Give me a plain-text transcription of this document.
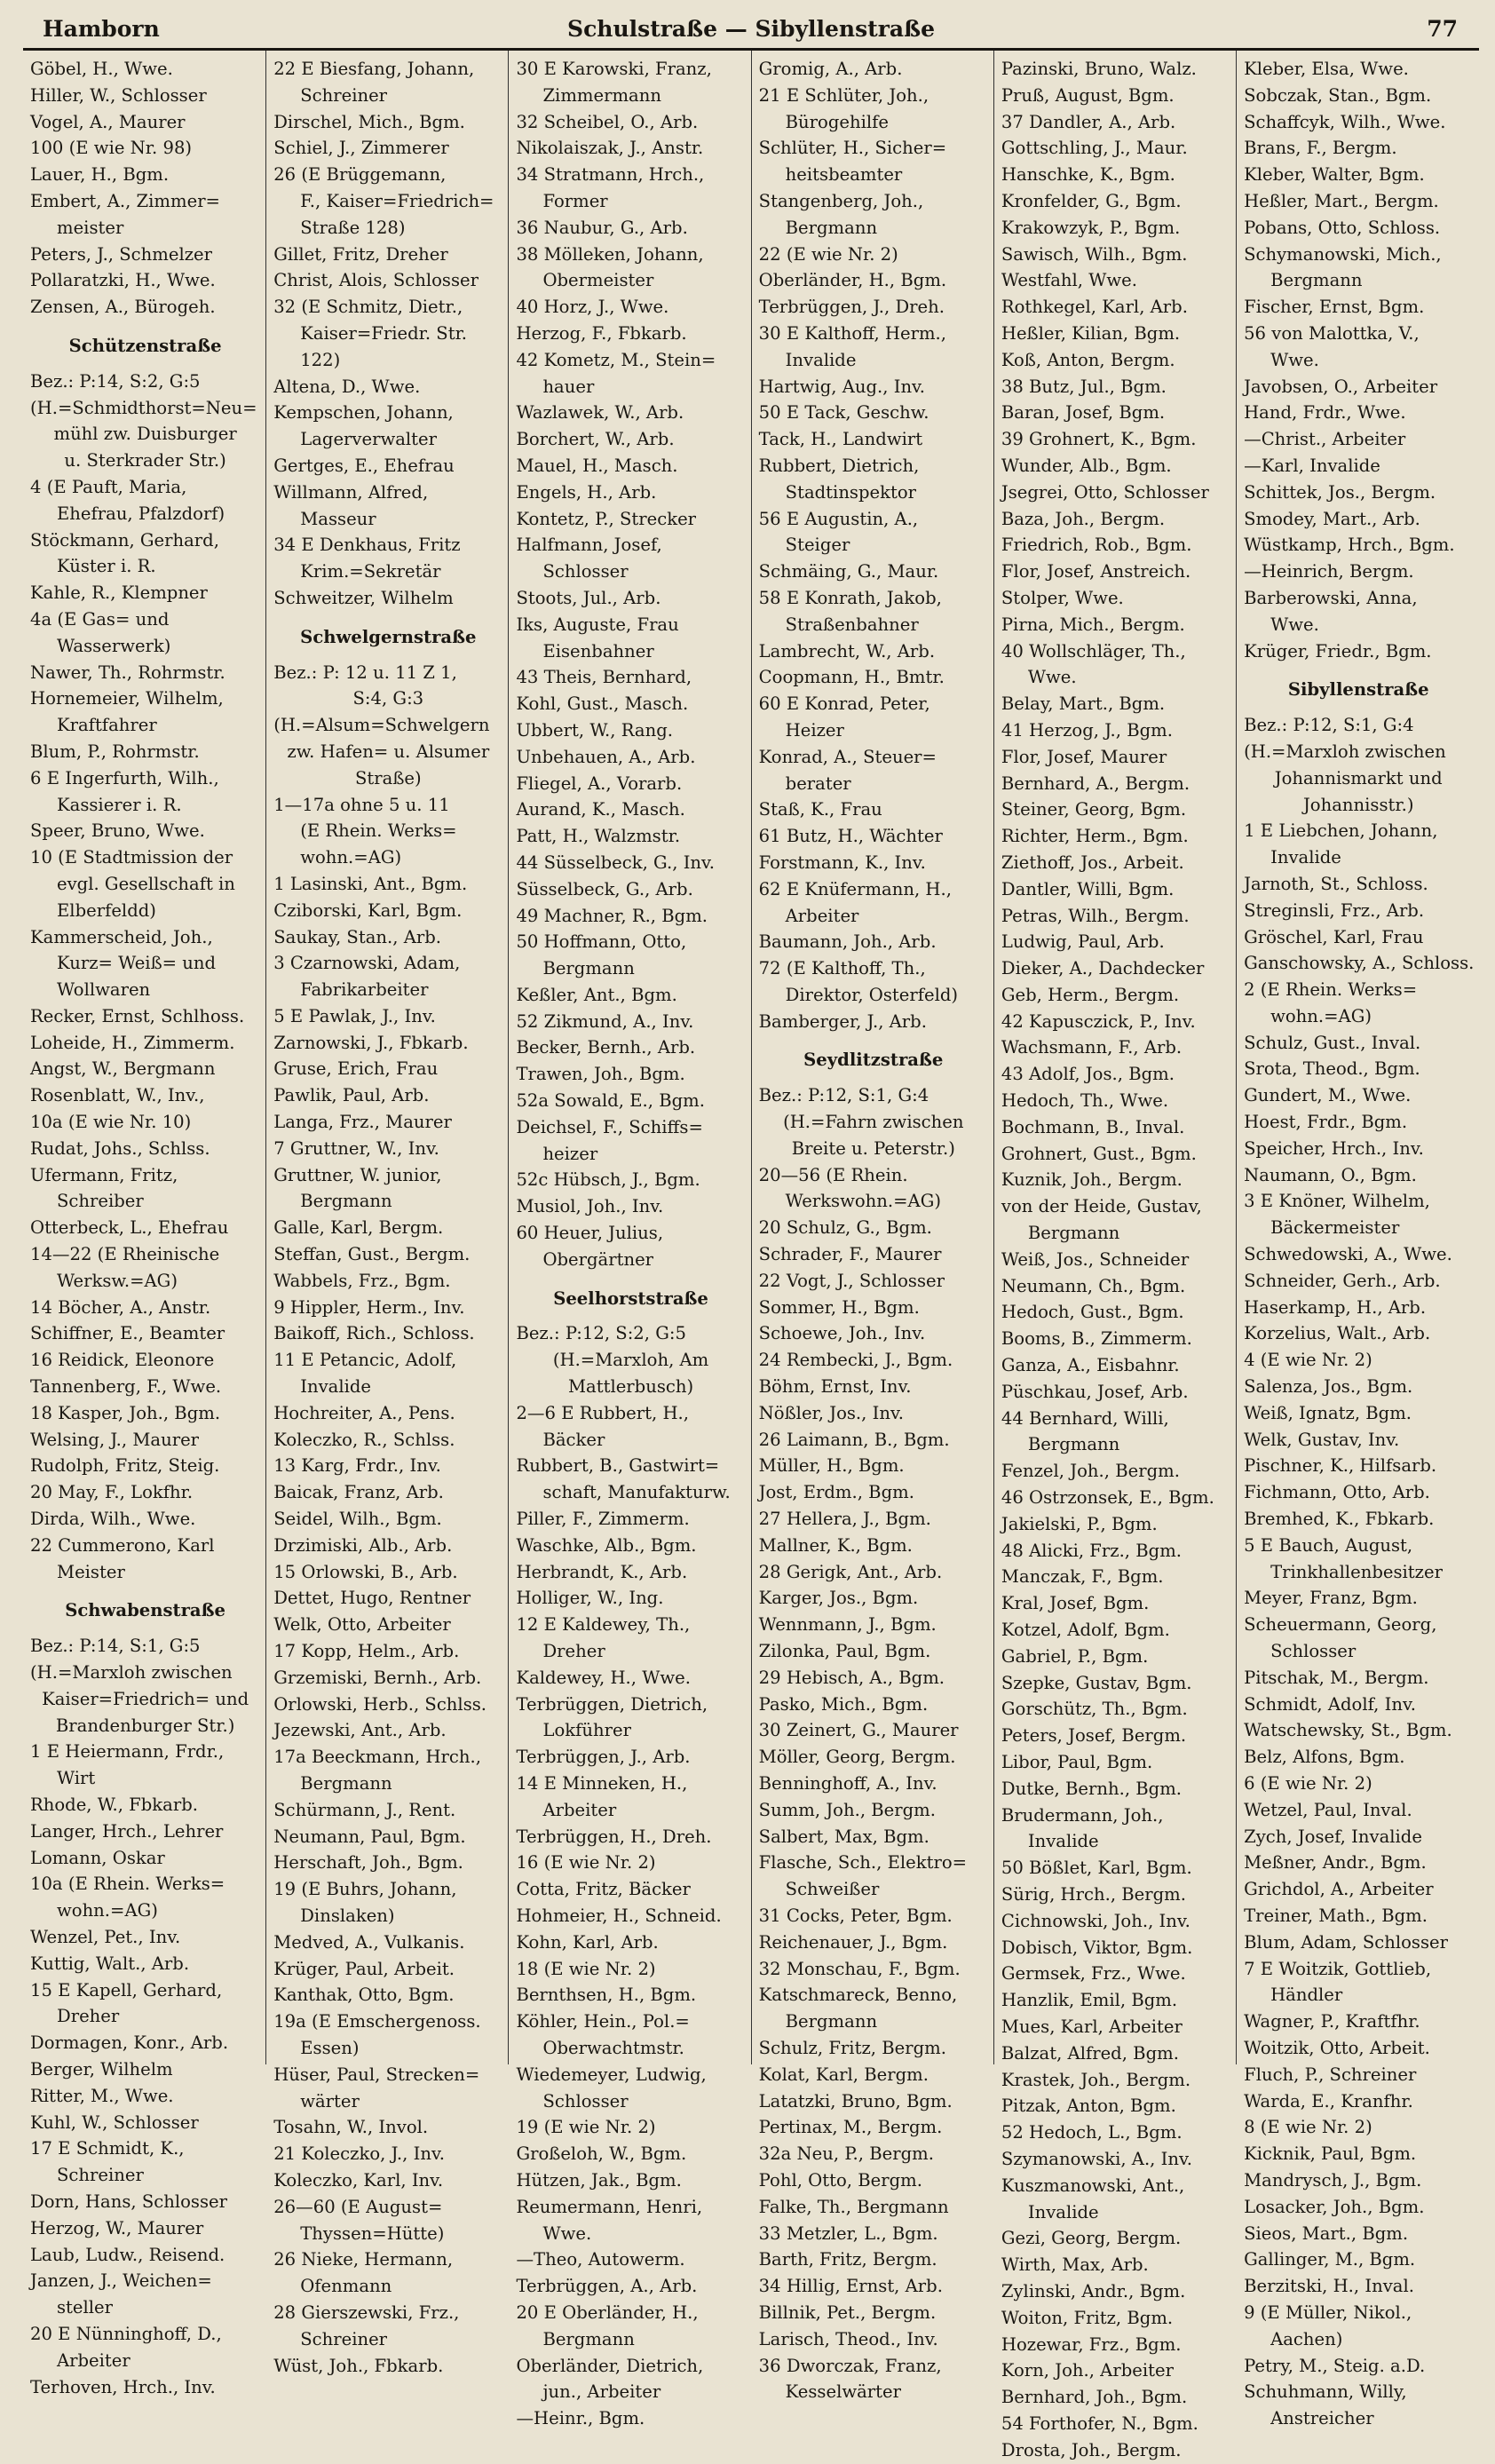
Hamborn	Schulstraße — Sibyllenstraße	77
Göbel, H., Wwe.
Hiller, W., Schlosser
Vogel, A., Maurer
100 (E wie Nr. 98)
Lauer, H., Bgm.
Embert, A., Zimmer=
meister
Peters, J., Schmelzer
Pollaratzki, H., Wwe.
Zensen, A., Bürogeh.
Schützenstraße
Bez.: P:14, S:2, G:5
(H.=Schmidthorst=Neu=
mühl zw. Duisburger
u. Sterkrader Str.)
4 (E Pauft, Maria,
Ehefrau, Pfalzdorf)
Stöckmann, Gerhard,
Küster i. R.
Kahle, R., Klempner
4a (E Gas= und
Wasserwerk)
Nawer, Th., Rohrmstr.
Hornemeier, Wilhelm,
Kraftfahrer
Blum, P., Rohrmstr.
6 E Ingerfurth, Wilh.,
Kassierer i. R.
Speer, Bruno, Wwe.
10 (E Stadtmission der
evgl. Gesellschaft in
Elberfeldd)
Kammerscheid, Joh.,
Kurz= Weiß= und
Wollwaren
Recker, Ernst, Schlhoss.
Loheide, H., Zimmerm.
Angst, W., Bergmann
Rosenblatt, W., Inv.,
10a (E wie Nr. 10)
Rudat, Johs., Schlss.
Ufermann, Fritz,
Schreiber
Otterbeck, L., Ehefrau
14—22 (E Rheinische
Werksw.=AG)
14 Böcher, A., Anstr.
Schiffner, E., Beamter
16 Reidick, Eleonore
Tannenberg, F., Wwe.
18 Kasper, Joh., Bgm.
Welsing, J., Maurer
Rudolph, Fritz, Steig.
20 May, F., Lokfhr.
Dirda, Wilh., Wwe.
22 Cummerono, Karl
Meister
Schwabenstraße
Bez.: P:14, S:1, G:5
(H.=Marxloh zwischen
Kaiser=Friedrich= und
Brandenburger Str.)
1 E Heiermann, Frdr.,
Wirt
Rhode, W., Fbkarb.
Langer, Hrch., Lehrer
Lomann, Oskar
10a (E Rhein. Werks=
wohn.=AG)
Wenzel, Pet., Inv.
Kuttig, Walt., Arb.
15 E Kapell, Gerhard,
Dreher
Dormagen, Konr., Arb.
Berger, Wilhelm
Ritter, M., Wwe.
Kuhl, W., Schlosser
17 E Schmidt, K.,
Schreiner
Dorn, Hans, Schlosser
Herzog, W., Maurer
Laub, Ludw., Reisend.
Janzen, J., Weichen=
steller
20 E Nünninghoff, D.,
Arbeiter
Terhoven, Hrch., Inv.
22 E Biesfang, Johann,
Schreiner
Dirschel, Mich., Bgm.
Schiel, J., Zimmerer
26 (E Brüggemann,
F., Kaiser=Friedrich=
Straße 128)
Gillet, Fritz, Dreher
Christ, Alois, Schlosser
32 (E Schmitz, Dietr.,
Kaiser=Friedr. Str.
122)
Altena, D., Wwe.
Kempschen, Johann,
Lagerverwalter
Gertges, E., Ehefrau
Willmann, Alfred,
Masseur
34 E Denkhaus, Fritz
Krim.=Sekretär
Schweitzer, Wilhelm
Schwelgernstraße
Bez.: P: 12 u. 11 Z 1,
S:4, G:3
(H.=Alsum=Schwelgern
zw. Hafen= u. Alsumer
Straße)
1—17a ohne 5 u. 11
(E Rhein. Werks=
wohn.=AG)
1 Lasinski, Ant., Bgm.
Cziborski, Karl, Bgm.
Saukay, Stan., Arb.
3 Czarnowski, Adam,
Fabrikarbeiter
5 E Pawlak, J., Inv.
Zarnowski, J., Fbkarb.
Gruse, Erich, Frau
Pawlik, Paul, Arb.
Langa, Frz., Maurer
7 Gruttner, W., Inv.
Gruttner, W. junior,
Bergmann
Galle, Karl, Bergm.
Steffan, Gust., Bergm.
Wabbels, Frz., Bgm.
9 Hippler, Herm., Inv.
Baikoff, Rich., Schloss.
11 E Petancic, Adolf,
Invalide
Hochreiter, A., Pens.
Koleczko, R., Schlss.
13 Karg, Frdr., Inv.
Baicak, Franz, Arb.
Seidel, Wilh., Bgm.
Drzimiski, Alb., Arb.
15 Orlowski, B., Arb.
Dettet, Hugo, Rentner
Welk, Otto, Arbeiter
17 Kopp, Helm., Arb.
Grzemiski, Bernh., Arb.
Orlowski, Herb., Schlss.
Jezewski, Ant., Arb.
17a Beeckmann, Hrch.,
Bergmann
Schürmann, J., Rent.
Neumann, Paul, Bgm.
Herschaft, Joh., Bgm.
19 (E Buhrs, Johann,
Dinslaken)
Medved, A., Vulkanis.
Krüger, Paul, Arbeit.
Kanthak, Otto, Bgm.
19a (E Emschergenoss.
Essen)
Hüser, Paul, Strecken=
wärter
Tosahn, W., Invol.
21 Koleczko, J., Inv.
Koleczko, Karl, Inv.
26—60 (E August=
Thyssen=Hütte)
26 Nieke, Hermann,
Ofenmann
28 Gierszewski, Frz.,
Schreiner
Wüst, Joh., Fbkarb.
30 E Karowski, Franz,
Zimmermann
32 Scheibel, O., Arb.
Nikolaiszak, J., Anstr.
34 Stratmann, Hrch.,
Former
36 Naubur, G., Arb.
38 Mölleken, Johann,
Obermeister
40 Horz, J., Wwe.
Herzog, F., Fbkarb.
42 Kometz, M., Stein=
hauer
Wazlawek, W., Arb.
Borchert, W., Arb.
Mauel, H., Masch.
Engels, H., Arb.
Kontetz, P., Strecker
Halfmann, Josef,
Schlosser
Stoots, Jul., Arb.
Iks, Auguste, Frau
Eisenbahner
43 Theis, Bernhard,
Kohl, Gust., Masch.
Ubbert, W., Rang.
Unbehauen, A., Arb.
Fliegel, A., Vorarb.
Aurand, K., Masch.
Patt, H., Walzmstr.
44 Süsselbeck, G., Inv.
Süsselbeck, G., Arb.
49 Machner, R., Bgm.
50 Hoffmann, Otto,
Bergmann
Keßler, Ant., Bgm.
52 Zikmund, A., Inv.
Becker, Bernh., Arb.
Trawen, Joh., Bgm.
52a Sowald, E., Bgm.
Deichsel, F., Schiffs=
heizer
52c Hübsch, J., Bgm.
Musiol, Joh., Inv.
60 Heuer, Julius,
Obergärtner
Seelhorststraße
Bez.: P:12, S:2, G:5
(H.=Marxloh, Am
Mattlerbusch)
2—6 E Rubbert, H.,
Bäcker
Rubbert, B., Gastwirt=
schaft, Manufakturw.
Piller, F., Zimmerm.
Waschke, Alb., Bgm.
Herbrandt, K., Arb.
Holliger, W., Ing.
12 E Kaldewey, Th.,
Dreher
Kaldewey, H., Wwe.
Terbrüggen, Dietrich,
Lokführer
Terbrüggen, J., Arb.
14 E Minneken, H.,
Arbeiter
Terbrüggen, H., Dreh.
16 (E wie Nr. 2)
Cotta, Fritz, Bäcker
Hohmeier, H., Schneid.
Kohn, Karl, Arb.
18 (E wie Nr. 2)
Bernthsen, H., Bgm.
Köhler, Hein., Pol.=
Oberwachtmstr.
Wiedemeyer, Ludwig,
Schlosser
19 (E wie Nr. 2)
Großeloh, W., Bgm.
Hützen, Jak., Bgm.
Reumermann, Henri,
Wwe.
—Theo, Autowerm.
Terbrüggen, A., Arb.
20 E Oberländer, H.,
Bergmann
Oberländer, Dietrich,
jun., Arbeiter
—Heinr., Bgm.
Gromig, A., Arb.
21 E Schlüter, Joh.,
Bürogehilfe
Schlüter, H., Sicher=
heitsbeamter
Stangenberg, Joh.,
Bergmann
22 (E wie Nr. 2)
Oberländer, H., Bgm.
Terbrüggen, J., Dreh.
30 E Kalthoff, Herm.,
Invalide
Hartwig, Aug., Inv.
50 E Tack, Geschw.
Tack, H., Landwirt
Rubbert, Dietrich,
Stadtinspektor
56 E Augustin, A.,
Steiger
Schmäing, G., Maur.
58 E Konrath, Jakob,
Straßenbahner
Lambrecht, W., Arb.
Coopmann, H., Bmtr.
60 E Konrad, Peter,
Heizer
Konrad, A., Steuer=
berater
Staß, K., Frau
61 Butz, H., Wächter
Forstmann, K., Inv.
62 E Knüfermann, H.,
Arbeiter
Baumann, Joh., Arb.
72 (E Kalthoff, Th.,
Direktor, Osterfeld)
Bamberger, J., Arb.
Seydlitzstraße
Bez.: P:12, S:1, G:4
(H.=Fahrn zwischen
Breite u. Peterstr.)
20—56 (E Rhein.
Werkswohn.=AG)
20 Schulz, G., Bgm.
Schrader, F., Maurer
22 Vogt, J., Schlosser
Sommer, H., Bgm.
Schoewe, Joh., Inv.
24 Rembecki, J., Bgm.
Böhm, Ernst, Inv.
Nößler, Jos., Inv.
26 Laimann, B., Bgm.
Müller, H., Bgm.
Jost, Erdm., Bgm.
27 Hellera, J., Bgm.
Mallner, K., Bgm.
28 Gerigk, Ant., Arb.
Karger, Jos., Bgm.
Wennmann, J., Bgm.
Zilonka, Paul, Bgm.
29 Hebisch, A., Bgm.
Pasko, Mich., Bgm.
30 Zeinert, G., Maurer
Möller, Georg, Bergm.
Benninghoff, A., Inv.
Summ, Joh., Bergm.
Salbert, Max, Bgm.
Flasche, Sch., Elektro=
Schweißer
31 Cocks, Peter, Bgm.
Reichenauer, J., Bgm.
32 Monschau, F., Bgm.
Katschmareck, Benno,
Bergmann
Schulz, Fritz, Bergm.
Kolat, Karl, Bergm.
Latatzki, Bruno, Bgm.
Pertinax, M., Bergm.
32a Neu, P., Bergm.
Pohl, Otto, Bergm.
Falke, Th., Bergmann
33 Metzler, L., Bgm.
Barth, Fritz, Bergm.
34 Hillig, Ernst, Arb.
Billnik, Pet., Bergm.
Larisch, Theod., Inv.
36 Dworczak, Franz,
Kesselwärter
Pazinski, Bruno, Walz.
Pruß, August, Bgm.
37 Dandler, A., Arb.
Gottschling, J., Maur.
Hanschke, K., Bgm.
Kronfelder, G., Bgm.
Krakowzyk, P., Bgm.
Sawisch, Wilh., Bgm.
Westfahl, Wwe.
Rothkegel, Karl, Arb.
Heßler, Kilian, Bgm.
Koß, Anton, Bergm.
38 Butz, Jul., Bgm.
Baran, Josef, Bgm.
39 Grohnert, K., Bgm.
Wunder, Alb., Bgm.
Jsegrei, Otto, Schlosser
Baza, Joh., Bergm.
Friedrich, Rob., Bgm.
Flor, Josef, Anstreich.
Stolper, Wwe.
Pirna, Mich., Bergm.
40 Wollschläger, Th.,
Wwe.
Belay, Mart., Bgm.
41 Herzog, J., Bgm.
Flor, Josef, Maurer
Bernhard, A., Bergm.
Steiner, Georg, Bgm.
Richter, Herm., Bgm.
Ziethoff, Jos., Arbeit.
Dantler, Willi, Bgm.
Petras, Wilh., Bergm.
Ludwig, Paul, Arb.
Dieker, A., Dachdecker
Geb, Herm., Bergm.
42 Kapusczick, P., Inv.
Wachsmann, F., Arb.
43 Adolf, Jos., Bgm.
Hedoch, Th., Wwe.
Bochmann, B., Inval.
Grohnert, Gust., Bgm.
Kuznik, Joh., Bergm.
von der Heide, Gustav,
Bergmann
Weiß, Jos., Schneider
Neumann, Ch., Bgm.
Hedoch, Gust., Bgm.
Booms, B., Zimmerm.
Ganza, A., Eisbahnr.
Püschkau, Josef, Arb.
44 Bernhard, Willi,
Bergmann
Fenzel, Joh., Bergm.
46 Ostrzonsek, E., Bgm.
Jakielski, P., Bgm.
48 Alicki, Frz., Bgm.
Manczak, F., Bgm.
Kral, Josef, Bgm.
Kotzel, Adolf, Bgm.
Gabriel, P., Bgm.
Szepke, Gustav, Bgm.
Gorschütz, Th., Bgm.
Peters, Josef, Bergm.
Libor, Paul, Bgm.
Dutke, Bernh., Bgm.
Brudermann, Joh.,
Invalide
50 Bößlet, Karl, Bgm.
Sürig, Hrch., Bergm.
Cichnowski, Joh., Inv.
Dobisch, Viktor, Bgm.
Germsek, Frz., Wwe.
Hanzlik, Emil, Bgm.
Mues, Karl, Arbeiter
Balzat, Alfred, Bgm.
Krastek, Joh., Bergm.
Pitzak, Anton, Bgm.
52 Hedoch, L., Bgm.
Szymanowski, A., Inv.
Kuszmanowski, Ant.,
Invalide
Gezi, Georg, Bergm.
Wirth, Max, Arb.
Zylinski, Andr., Bgm.
Woiton, Fritz, Bgm.
Hozewar, Frz., Bgm.
Korn, Joh., Arbeiter
Bernhard, Joh., Bgm.
54 Forthofer, N., Bgm.
Drosta, Joh., Bergm.
Kleber, Elsa, Wwe.
Sobczak, Stan., Bgm.
Schaffcyk, Wilh., Wwe.
Brans, F., Bergm.
Kleber, Walter, Bgm.
Heßler, Mart., Bergm.
Pobans, Otto, Schloss.
Schymanowski, Mich.,
Bergmann
Fischer, Ernst, Bgm.
56 von Malottka, V.,
Wwe.
Javobsen, O., Arbeiter
Hand, Frdr., Wwe.
—Christ., Arbeiter
—Karl, Invalide
Schittek, Jos., Bergm.
Smodey, Mart., Arb.
Wüstkamp, Hrch., Bgm.
—Heinrich, Bergm.
Barberowski, Anna,
Wwe.
Krüger, Friedr., Bgm.
Sibyllenstraße
Bez.: P:12, S:1, G:4
(H.=Marxloh zwischen
Johannismarkt und
Johannisstr.)
1 E Liebchen, Johann,
Invalide
Jarnoth, St., Schloss.
Streginsli, Frz., Arb.
Gröschel, Karl, Frau
Ganschowsky, A., Schloss.
2 (E Rhein. Werks=
wohn.=AG)
Schulz, Gust., Inval.
Srota, Theod., Bgm.
Gundert, M., Wwe.
Hoest, Frdr., Bgm.
Speicher, Hrch., Inv.
Naumann, O., Bgm.
3 E Knöner, Wilhelm,
Bäckermeister
Schwedowski, A., Wwe.
Schneider, Gerh., Arb.
Haserkamp, H., Arb.
Korzelius, Walt., Arb.
4 (E wie Nr. 2)
Salenza, Jos., Bgm.
Weiß, Ignatz, Bgm.
Welk, Gustav, Inv.
Pischner, K., Hilfsarb.
Fichmann, Otto, Arb.
Bremhed, K., Fbkarb.
5 E Bauch, August,
Trinkhallenbesitzer
Meyer, Franz, Bgm.
Scheuermann, Georg,
Schlosser
Pitschak, M., Bergm.
Schmidt, Adolf, Inv.
Watschewsky, St., Bgm.
Belz, Alfons, Bgm.
6 (E wie Nr. 2)
Wetzel, Paul, Inval.
Zych, Josef, Invalide
Meßner, Andr., Bgm.
Grichdol, A., Arbeiter
Treiner, Math., Bgm.
Blum, Adam, Schlosser
7 E Woitzik, Gottlieb,
Händler
Wagner, P., Kraftfhr.
Woitzik, Otto, Arbeit.
Fluch, P., Schreiner
Warda, E., Kranfhr.
8 (E wie Nr. 2)
Kicknik, Paul, Bgm.
Mandrysch, J., Bgm.
Losacker, Joh., Bgm.
Sieos, Mart., Bgm.
Gallinger, M., Bgm.
Berzitski, H., Inval.
9 (E Müller, Nikol.,
Aachen)
Petry, M., Steig. a.D.
Schuhmann, Willy,
Anstreicher
